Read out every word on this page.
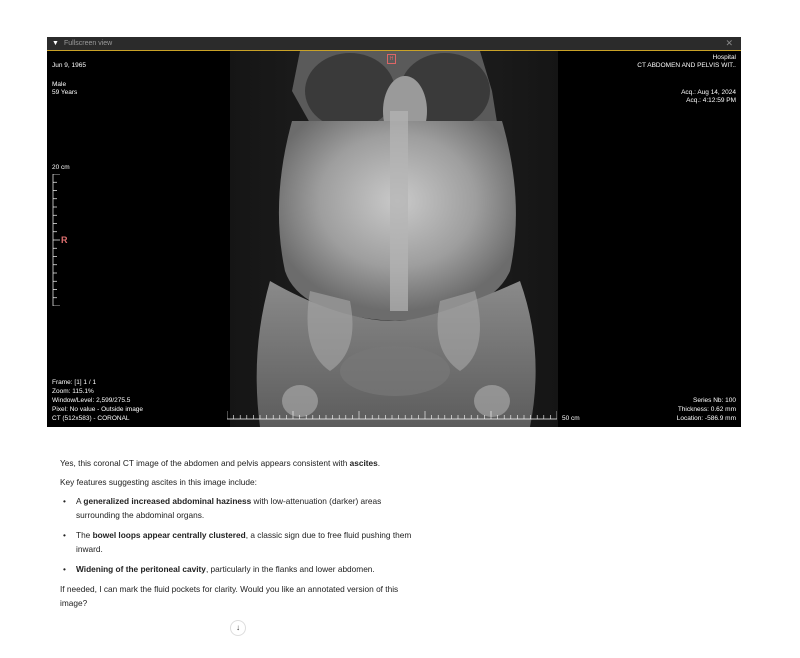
▼ Fullscreen view	✕
H
Jun 9, 1965
Male
59 Years
Hospital
CT ABDOMEN AND PELVIS WIT..
Acq.: Aug 14, 2024
Acq.: 4:12:59 PM
20 cm
R
Frame: [1] 1 / 1
Zoom: 115.1%
Window/Level: 2,599/275.5
Pixel: No value - Outside image
CT (512x583) - CORONAL	50 cm
Series Nb: 100
Thickness: 0.62 mm
Location: -586.9 mm

Yes, this coronal CT image of the abdomen and pelvis appears consistent with ascites.

Key features suggesting ascites in this image include:

• A generalized increased abdominal haziness with low-attenuation (darker) areas surrounding the abdominal organs.
• The bowel loops appear centrally clustered, a classic sign due to free fluid pushing them inward.
• Widening of the peritoneal cavity, particularly in the flanks and lower abdomen.

If needed, I can mark the fluid pockets for clarity. Would you like an annotated version of this image?

↓
